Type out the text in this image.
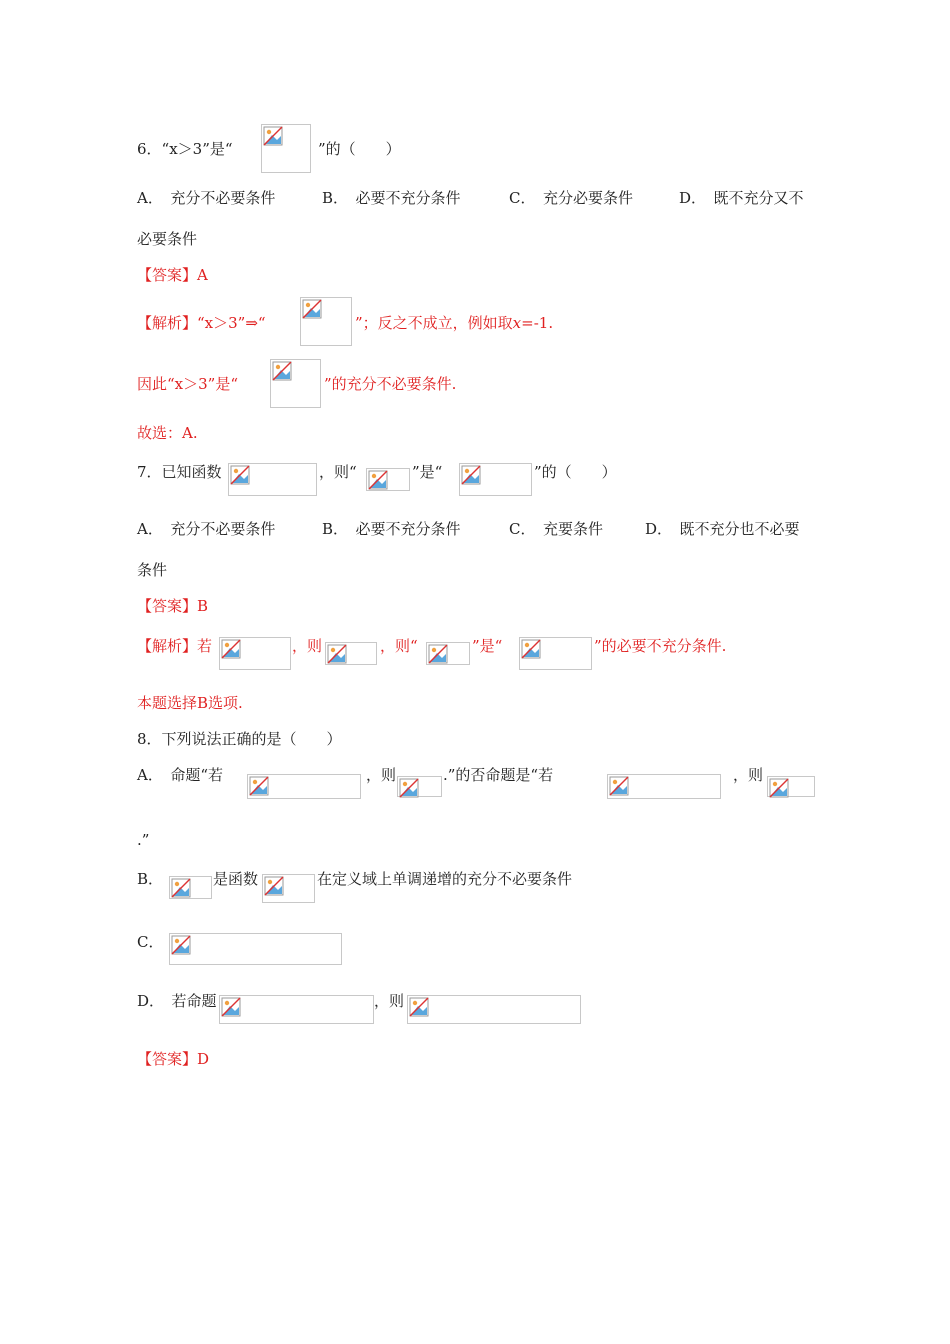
6．“x＞3”是“	”的（　　）
A．　充分不必要条件	B．　必要不充分条件	C．　充分必要条件	D．　既不充分又不
必要条件
【答案】A
【解析】“x＞3”⇒“	”；反之不成立，例如取x=-1.
因此“x＞3”是“	”的充分不必要条件.
故选：A.
7．已知函数	，则“	”是“	”的（　　）
A．　充分不必要条件	B．　必要不充分条件	C．　充要条件	D．　既不充分也不必要
条件
【答案】B
【解析】若	，则	，则“	”是“	”的必要不充分条件.
本题选择B选项.
8．下列说法正确的是（　　）
A．　命题“若	，则	.”的否命题是“若	，则
.”
B．	是函数	在定义域上单调递增的充分不必要条件
C．
D．　若命题	，则
【答案】D
